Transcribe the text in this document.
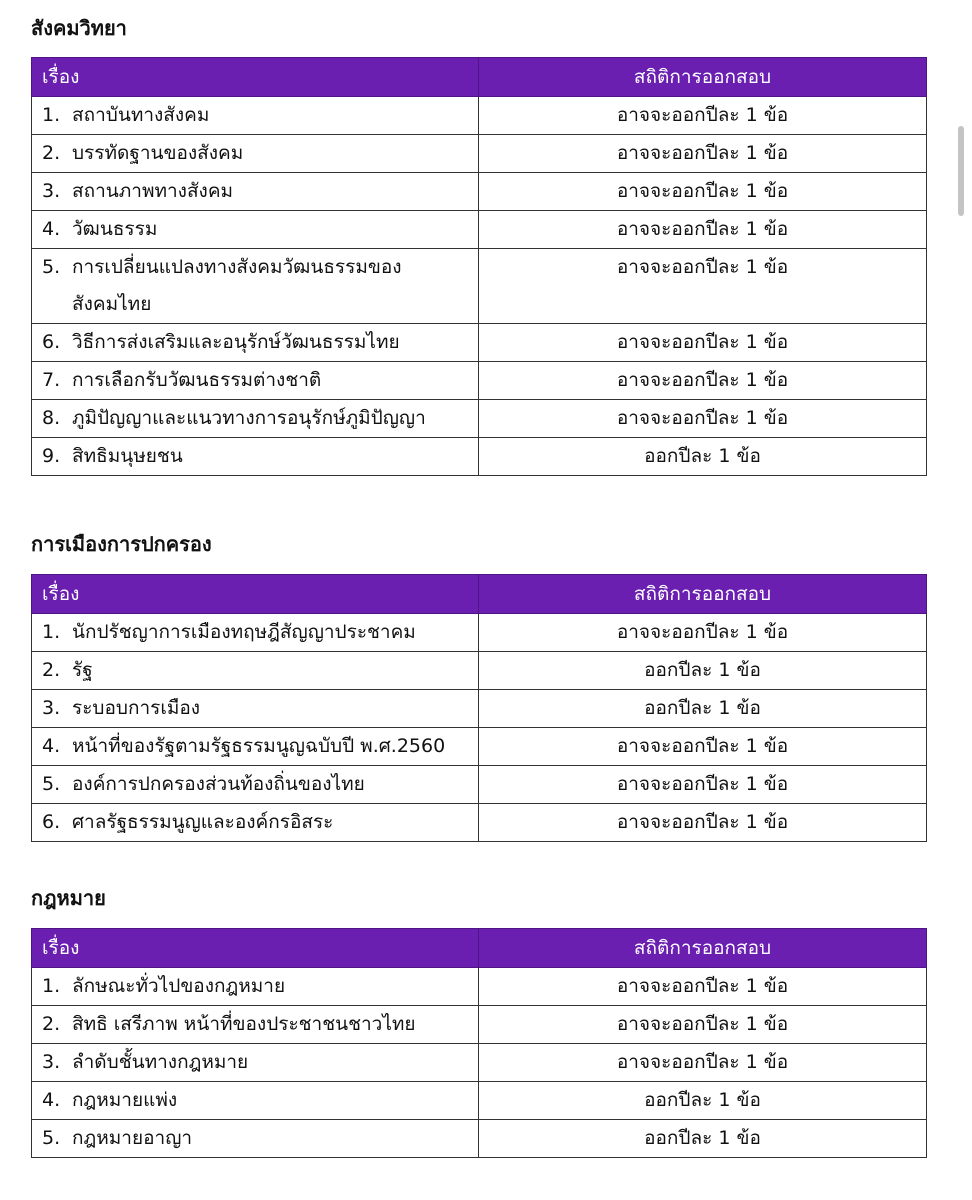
สังคมวิทยา
เรื่อง	สถิติการออกสอบ
1. สถาบันทางสังคม	อาจจะออกปีละ 1 ข้อ
2. บรรทัดฐานของสังคม	อาจจะออกปีละ 1 ข้อ
3. สถานภาพทางสังคม	อาจจะออกปีละ 1 ข้อ
4. วัฒนธรรม	อาจจะออกปีละ 1 ข้อ
5. การเปลี่ยนแปลงทางสังคมวัฒนธรรมของสังคมไทย	อาจจะออกปีละ 1 ข้อ
6. วิธีการส่งเสริมและอนุรักษ์วัฒนธรรมไทย	อาจจะออกปีละ 1 ข้อ
7. การเลือกรับวัฒนธรรมต่างชาติ	อาจจะออกปีละ 1 ข้อ
8. ภูมิปัญญาและแนวทางการอนุรักษ์ภูมิปัญญา	อาจจะออกปีละ 1 ข้อ
9. สิทธิมนุษยชน	ออกปีละ 1 ข้อ
การเมืองการปกครอง
เรื่อง	สถิติการออกสอบ
1. นักปรัชญาการเมืองทฤษฎีสัญญาประชาคม	อาจจะออกปีละ 1 ข้อ
2. รัฐ	ออกปีละ 1 ข้อ
3. ระบอบการเมือง	ออกปีละ 1 ข้อ
4. หน้าที่ของรัฐตามรัฐธรรมนูญฉบับปี พ.ศ.2560	อาจจะออกปีละ 1 ข้อ
5. องค์การปกครองส่วนท้องถิ่นของไทย	อาจจะออกปีละ 1 ข้อ
6. ศาลรัฐธรรมนูญและองค์กรอิสระ	อาจจะออกปีละ 1 ข้อ
กฎหมาย
เรื่อง	สถิติการออกสอบ
1. ลักษณะทั่วไปของกฎหมาย	อาจจะออกปีละ 1 ข้อ
2. สิทธิ เสรีภาพ หน้าที่ของประชาชนชาวไทย	อาจจะออกปีละ 1 ข้อ
3. ลำดับชั้นทางกฎหมาย	อาจจะออกปีละ 1 ข้อ
4. กฎหมายแพ่ง	ออกปีละ 1 ข้อ
5. กฎหมายอาญา	ออกปีละ 1 ข้อ
